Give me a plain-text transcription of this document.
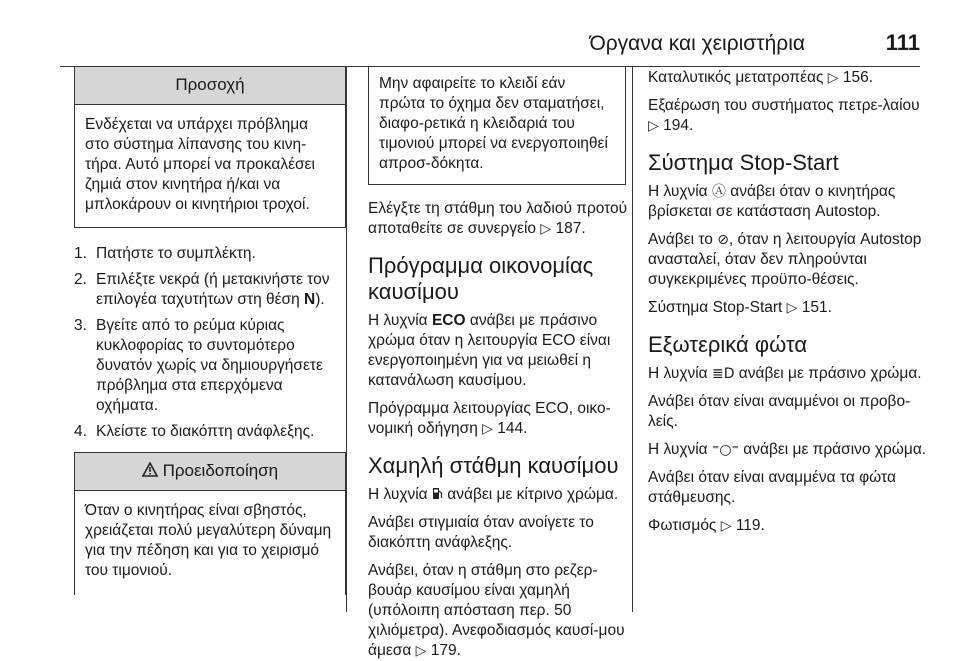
Όργανα και χειριστήρια	111
Προσοχή
Ενδέχεται να υπάρχει πρόβλημα στο σύστημα λίπανσης του κινη-τήρα. Αυτό μπορεί να προκαλέσει ζημιά στον κινητήρα ή/και να μπλοκάρουν οι κινητήριοι τροχοί.
1. Πατήστε το συμπλέκτη.
2. Επιλέξτε νεκρά (ή μετακινήστε τον επιλογέα ταχυτήτων στη θέση N).
3. Βγείτε από το ρεύμα κύριας κυκλοφορίας το συντομότερο δυνατόν χωρίς να δημιουργήσετε πρόβλημα στα επερχόμενα οχήματα.
4. Κλείστε το διακόπτη ανάφλεξης.
Προειδοποίηση
Όταν ο κινητήρας είναι σβηστός, χρειάζεται πολύ μεγαλύτερη δύναμη για την πέδηση και για το χειρισμό του τιμονιού.
Μην αφαιρείτε το κλειδί εάν πρώτα το όχημα δεν σταματήσει, διαφο-ρετικά η κλειδαριά του τιμονιού μπορεί να ενεργοποιηθεί απροσ-δόκητα.

Ελέγξτε τη στάθμη του λαδιού προτού αποταθείτε σε συνεργείο ▷ 187.

Πρόγραμμα οικονομίας καυσίμου

Η λυχνία ECO ανάβει με πράσινο χρώμα όταν η λειτουργία ECO είναι ενεργοποιημένη για να μειωθεί η κατανάλωση καυσίμου.

Πρόγραμμα λειτουργίας ECO, οικο-νομική οδήγηση ▷ 144.

Χαμηλή στάθμη καυσίμου

Η λυχνία  ανάβει με κίτρινο χρώμα.

Ανάβει στιγμιαία όταν ανοίγετε το διακόπτη ανάφλεξης.

Ανάβει, όταν η στάθμη στο ρεζερ-βουάρ καυσίμου είναι χαμηλή (υπόλοιπη απόσταση περ. 50 χιλιόμετρα). Ανεφοδιασμός καυσί-μου άμεσα ▷ 179.

Καταλυτικός μετατροπέας ▷ 156.

Εξαέρωση του συστήματος πετρε-λαίου ▷ 194.

Σύστημα Stop-Start

Η λυχνία Ⓐ ανάβει όταν ο κινητήρας βρίσκεται σε κατάσταση Autostop.

Ανάβει το ⊘, όταν η λειτουργία Autostop ανασταλεί, όταν δεν πληρούνται συγκεκριμένες προϋπο-θέσεις.

Σύστημα Stop-Start ▷ 151.

Εξωτερικά φώτα

Η λυχνία ≣D ανάβει με πράσινο χρώμα.

Ανάβει όταν είναι αναμμένοι οι προβο-λείς.

Η λυχνία ⁼○⁼ ανάβει με πράσινο χρώμα.

Ανάβει όταν είναι αναμμένα τα φώτα στάθμευσης.

Φωτισμός ▷ 119.
